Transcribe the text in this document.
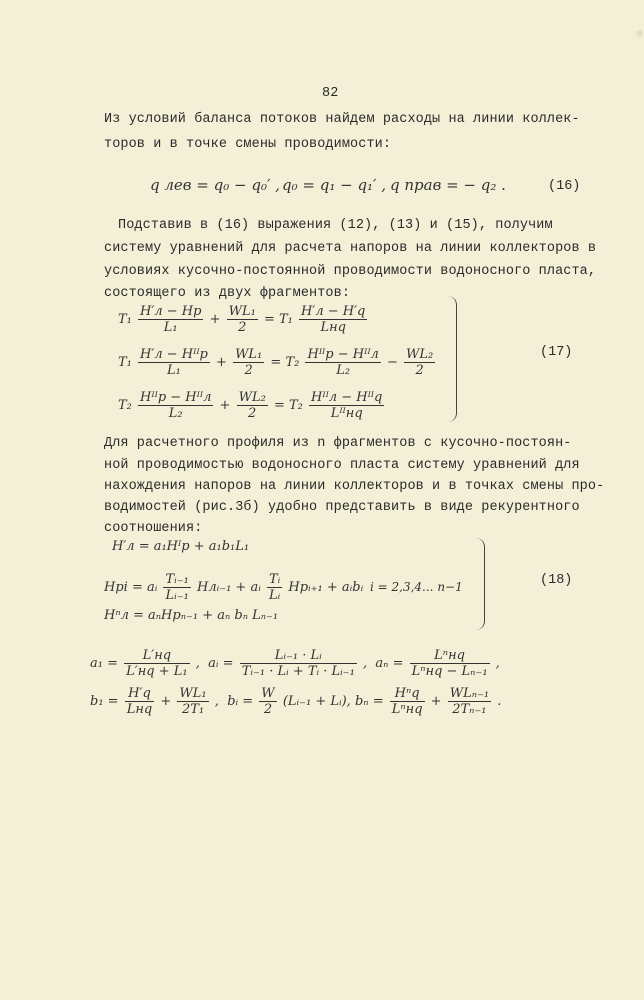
82
Из условий баланса потоков найдем расходы на линии коллек-
торов и в точке смены проводимости:
q лев = q₀ − q₀′ , q₀ = q₁ − q₁′ , q прав = − q₂ .	(16)
Подставив в (16) выражения (12), (13) и (15), получим
систему уравнений для расчета напоров на линии коллекторов в
условиях кусочно-постоянной проводимости водоносного пласта,
состоящего из двух фрагментов:
$T_1 \frac{H'л - Hр}{\text{L₁}} + \frac{\text{WL₁}}{2} = T_1 \frac{H'л - H'q}{\text{Lнq}}$
$T_1 \frac{\text{H′л − Hᴵᴵр}}{\text{L₁}} + \frac{\text{WL₁}}{2} = T_2 \frac{\text{Hᴵᴵр − Hᴵᴵл}}{\text{L₂}} - \frac{\text{WL₂}}{2}$
$T_2 \frac{\text{Hᴵᴵр − Hᴵᴵл}}{\text{L₂}} + \frac{\text{WL₂}}{2} = T_2 \frac{\text{Hᴵᴵл − Hᴵᴵq}}{\text{Lᴵᴵнq}}$
(17)
Для расчетного профиля из n фрагментов с кусочно-постоян-
ной проводимостью водоносного пласта систему уравнений для
нахождения напоров на линии коллекторов и в точках смены про-
водимостей (рис.3б) удобно представить в виде рекурентного
соотношения:
H′л = a₁Hᴵр + a₁b₁L₁
Hрi = aᵢ $\frac{\text{Tᵢ₋₁}}{\text{Lᵢ₋₁}}$ Hлᵢ₋₁ + aᵢ $\frac{\text{Tᵢ}}{\text{Lᵢ}}$ Hрᵢ₊₁ + aᵢbᵢ i = 2,3,4... n−1
Hⁿл = aₙHрₙ₋₁ + aₙ bₙ Lₙ₋₁
(18)
$a_1 = \frac{L'нq}{\text{L′нq + L₁}}$ ,  aᵢ = $\frac{\text{Lᵢ₋₁ · Lᵢ}}{\text{Tᵢ₋₁ · Lᵢ + Tᵢ · Lᵢ₋₁}}$ ,  $a_n = \frac{\text{Lⁿнq}}{\text{Lⁿнq − Lₙ₋₁}}$ ,
$b_1 = \frac{H'q}{\text{Lнq}} + \frac{\text{WL₁}}{\text{2T₁}}$ ,  bᵢ = $\frac{W}{2}$ (Lᵢ₋₁ + Lᵢ), $b_n = \frac{\text{Hⁿq}}{\text{Lⁿнq}} + \frac{\text{WLₙ₋₁}}{\text{2Tₙ₋₁}}$ .
